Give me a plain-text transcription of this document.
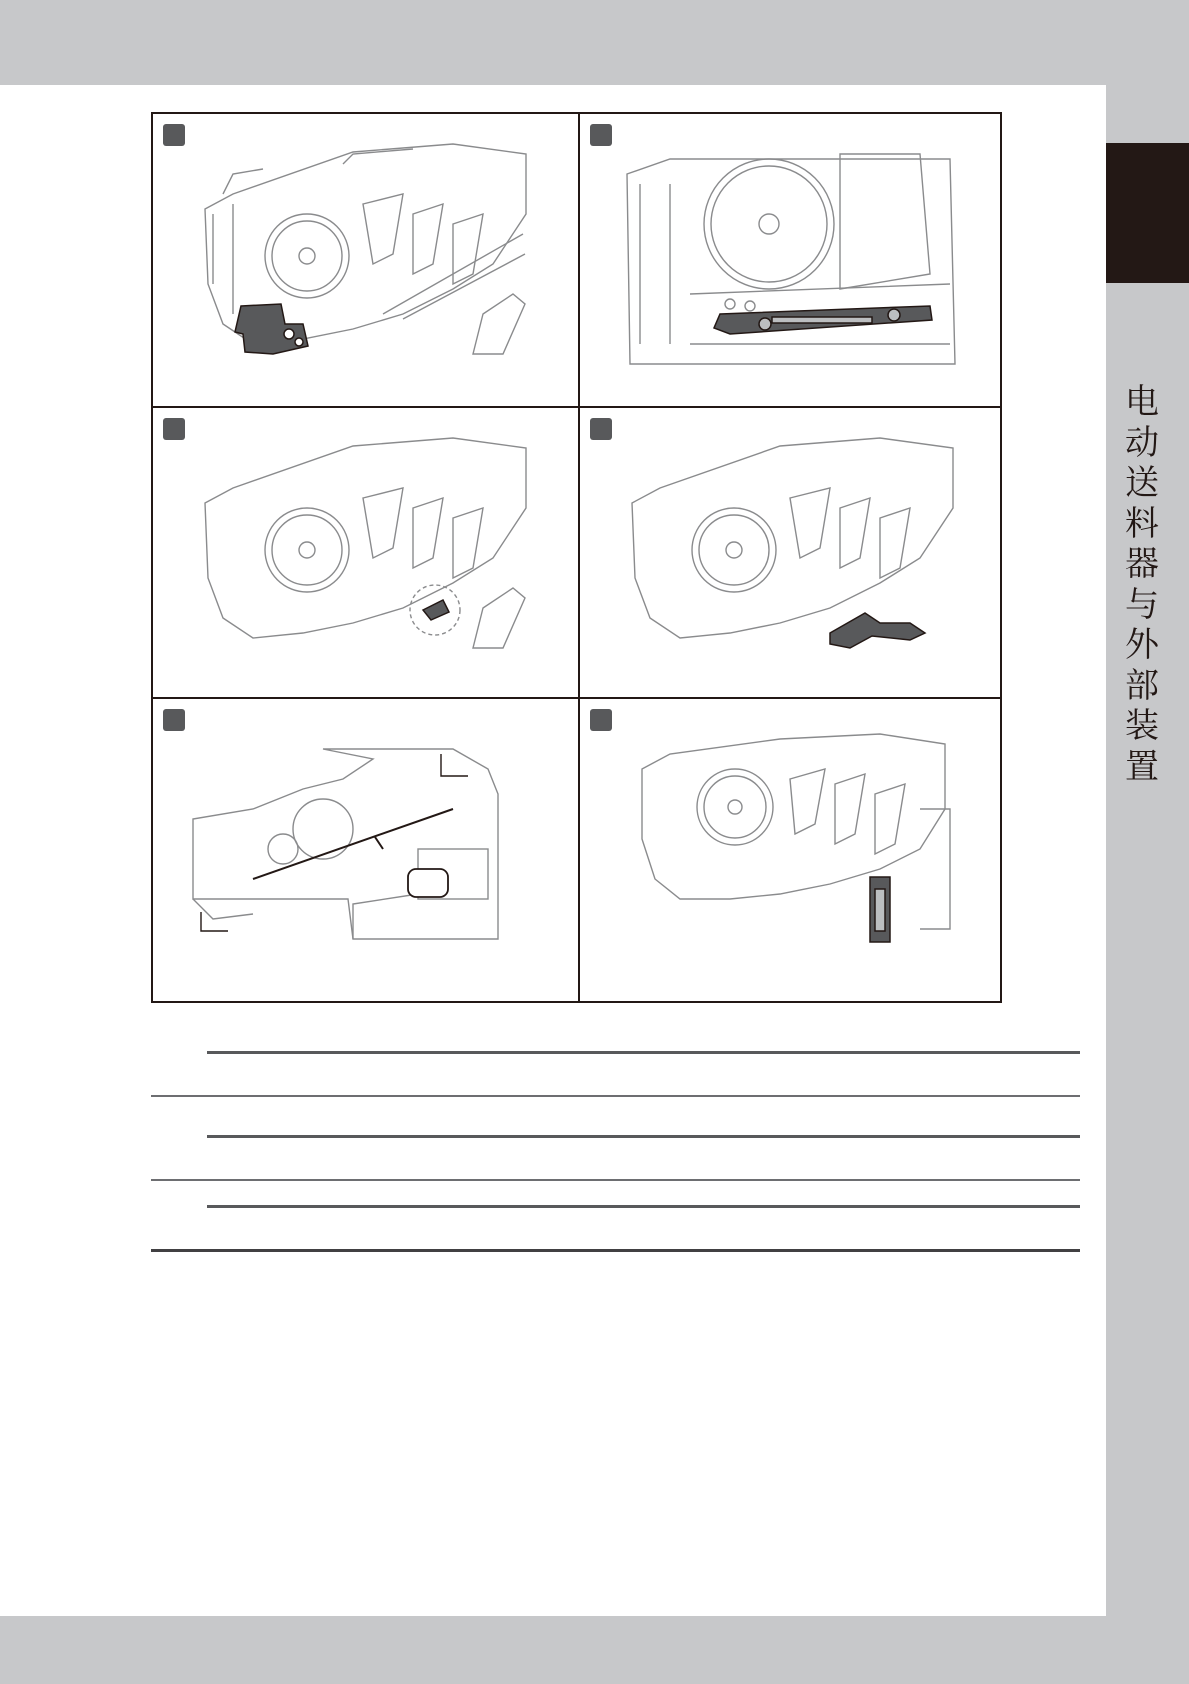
电动送料器与外部装置
